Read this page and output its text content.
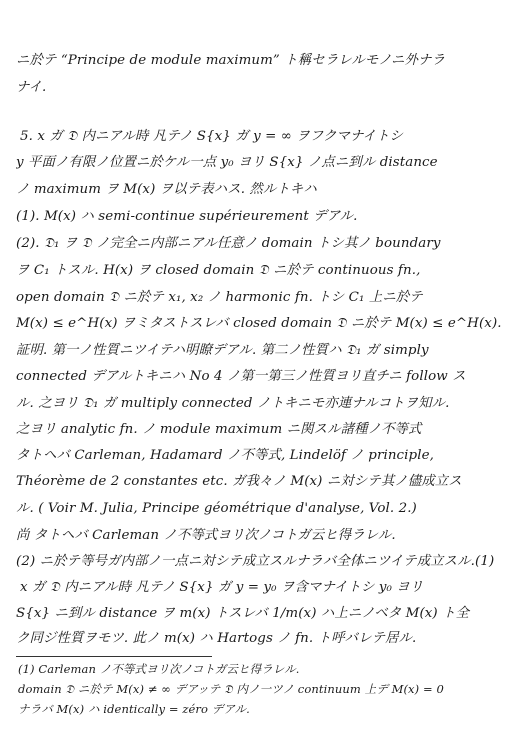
ニ於テ “Principe de module maximum” ト稱セラレルモノニ外ナラ
ナイ.
5. x ガ 𝔇 内ニアル時 凡テノ S{x} ガ y = ∞ ヲフクマナイトシ
y 平面ノ有限ノ位置ニ於ケル一点 y₀ ヨリ S{x} ノ点ニ到ル distance
ノ maximum ヲ M(x) ヲ以テ表ハス. 然ルトキハ
(1). M(x) ハ semi-continue supérieurement デアル.
(2). 𝔇₁ ヲ 𝔇 ノ完全ニ内部ニアル任意ノ domain トシ其ノ boundary
ヲ C₁ トスル. H(x) ヲ closed domain 𝔇 ニ於テ continuous fn.,
open domain 𝔇 ニ於テ x₁, x₂ ノ harmonic fn. トシ C₁ 上ニ於テ
M(x) ≤ e^H(x) ヲミタストスレバ closed domain 𝔇 ニ於テ M(x) ≤ e^H(x).
証明. 第一ノ性質ニツイテハ明瞭デアル. 第二ノ性質ハ 𝔇₁ ガ simply
connected デアルトキニハ No 4 ノ第一第三ノ性質ヨリ直チニ follow ス
ル. 之ヨリ 𝔇₁ ガ multiply connected ノトキニモ亦連ナルコトヲ知ル.
之ヨリ analytic fn. ノ module maximum ニ関スル諸種ノ不等式
タトヘバ Carleman, Hadamard ノ不等式, Lindelöf ノ principle,
Théorème de 2 constantes etc. ガ我々ノ M(x) ニ対シテ其ノ儘成立ス
ル. ( Voir M. Julia, Principe géométrique d'analyse, Vol. 2.)
尚 タトヘバ Carleman ノ不等式ヨリ次ノコトガ云ヒ得ラレル.
(2) ニ於テ等号ガ内部ノ一点ニ対シテ成立スルナラバ全体ニツイテ成立スル.(1)
x ガ 𝔇 内ニアル時 凡テノ S{x} ガ y = y₀ ヲ含マナイトシ y₀ ヨリ
S{x} ニ到ル distance ヲ m(x) トスレバ 1/m(x) ハ上ニノベタ M(x) ト全
ク同ジ性質ヲモツ. 此ノ m(x) ハ Hartogs ノ fn. ト呼バレテ居ル.
(1) Carleman ノ不等式ヨリ次ノコトガ云ヒ得ラレル.
domain 𝔇 ニ於テ M(x) ≠ ∞ デアッテ 𝔇 内ノ一ツノ continuum 上デ M(x) = 0
ナラバ M(x) ハ identically = zéro デアル.
